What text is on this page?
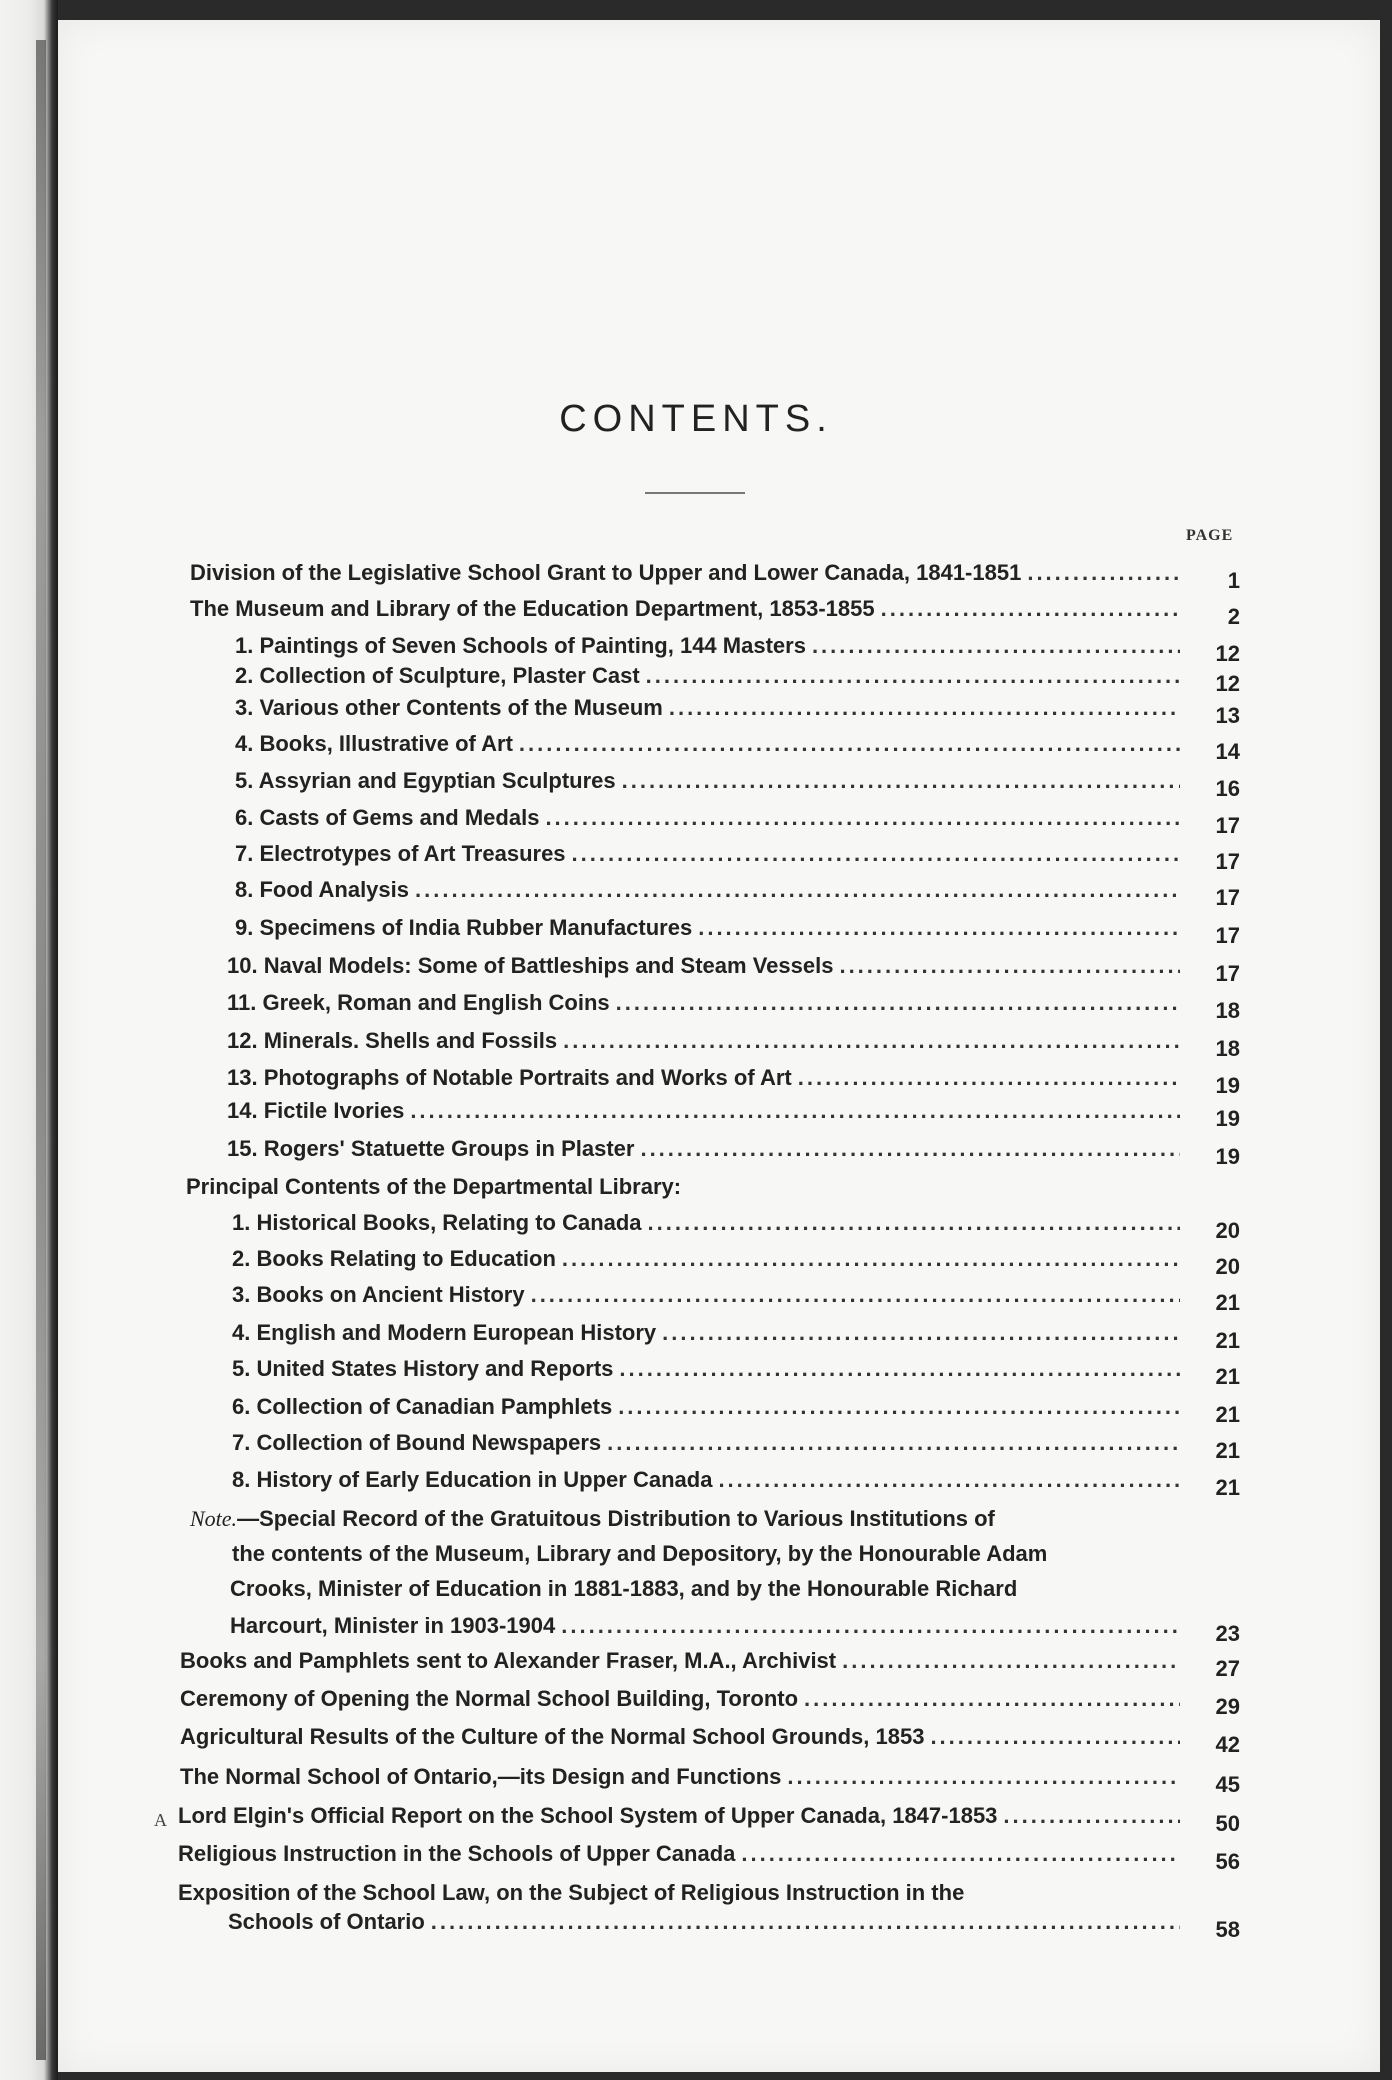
CONTENTS.
PAGE
Division of the Legislative School Grant to Upper and Lower Canada, 1841-1851 .....	1
The Museum and Library of the Education Department, 1853-1855 .....	2
1. Paintings of Seven Schools of Painting, 144 Masters .....	12
2. Collection of Sculpture, Plaster Cast .....	12
3. Various other Contents of the Museum .....	13
4. Books, Illustrative of Art .....	14
5. Assyrian and Egyptian Sculptures .....	16
6. Casts of Gems and Medals .....	17
7. Electrotypes of Art Treasures .....	17
8. Food Analysis .....	17
9. Specimens of India Rubber Manufactures .....	17
10. Naval Models: Some of Battleships and Steam Vessels .....	17
11. Greek, Roman and English Coins .....	18
12. Minerals. Shells and Fossils .....	18
13. Photographs of Notable Portraits and Works of Art .....	19
14. Fictile Ivories .....	19
15. Rogers' Statuette Groups in Plaster .....	19
Principal Contents of the Departmental Library:
1. Historical Books, Relating to Canada .....	20
2. Books Relating to Education .....	20
3. Books on Ancient History .....	21
4. English and Modern European History .....	21
5. United States History and Reports .....	21
6. Collection of Canadian Pamphlets .....	21
7. Collection of Bound Newspapers .....	21
8. History of Early Education in Upper Canada .....	21
Note.—Special Record of the Gratuitous Distribution to Various Institutions of
the contents of the Museum, Library and Depository, by the Honourable Adam
Crooks, Minister of Education in 1881-1883, and by the Honourable Richard
Harcourt, Minister in 1903-1904 .....	23
Books and Pamphlets sent to Alexander Fraser, M.A., Archivist .....	27
Ceremony of Opening the Normal School Building, Toronto .....	29
Agricultural Results of the Culture of the Normal School Grounds, 1853 .....	42
The Normal School of Ontario,—its Design and Functions .....	45
Lord Elgin's Official Report on the School System of Upper Canada, 1847-1853 .....	50
Religious Instruction in the Schools of Upper Canada .....	56
A
Exposition of the School Law, on the Subject of Religious Instruction in the
Schools of Ontario .....	58
